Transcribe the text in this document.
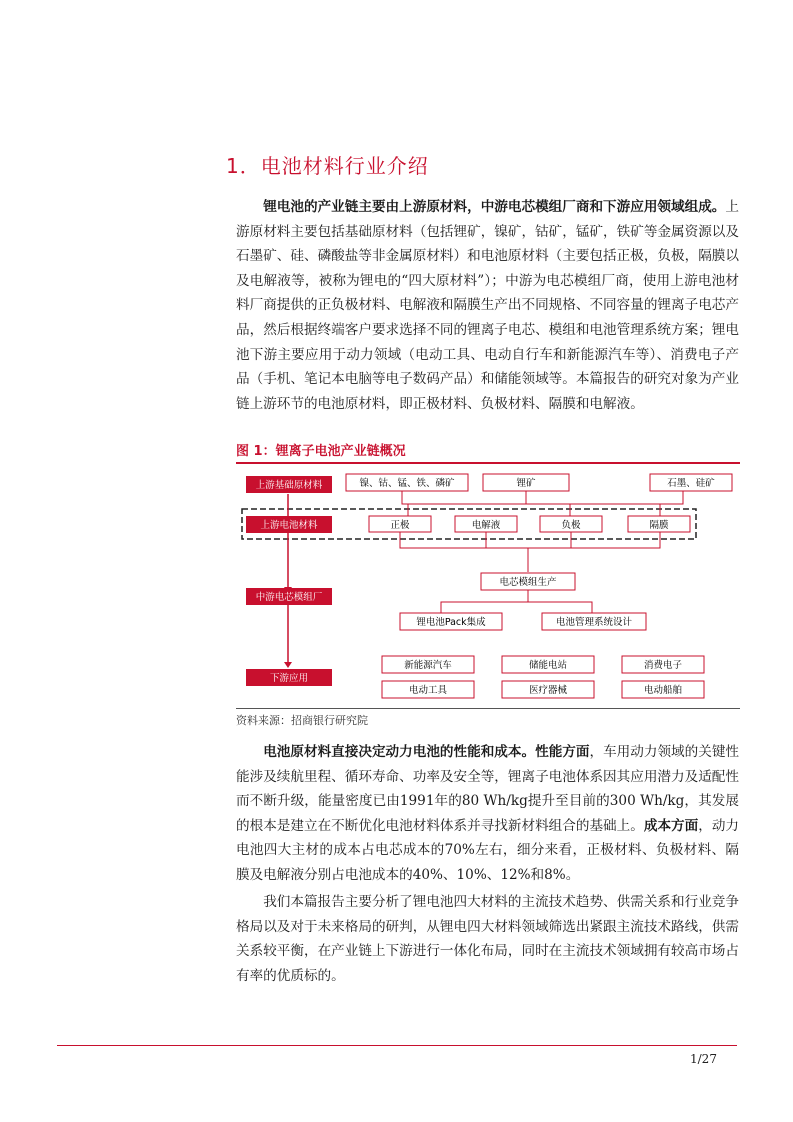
1．电池材料行业介绍

锂电池的产业链主要由上游原材料，中游电芯模组厂商和下游应用领域组成。上游原材料主要包括基础原材料（包括锂矿，镍矿，钴矿，锰矿，铁矿等金属资源以及石墨矿、硅、磷酸盐等非金属原材料）和电池原材料（主要包括正极，负极，隔膜以及电解液等，被称为锂电的“四大原材料”）；中游为电芯模组厂商，使用上游电池材料厂商提供的正负极材料、电解液和隔膜生产出不同规格、不同容量的锂离子电芯产品，然后根据终端客户要求选择不同的锂离子电芯、模组和电池管理系统方案；锂电池下游主要应用于动力领域（电动工具、电动自行车和新能源汽车等）、消费电子产品（手机、笔记本电脑等电子数码产品）和储能领域等。本篇报告的研究对象为产业链上游环节的电池原材料，即正极材料、负极材料、隔膜和电解液。

图 1：锂离子电池产业链概况
上游基础原材料
上游电池材料
中游电芯模组厂
下游应用
镍、钴、锰、铁、磷矿	锂矿	石墨、硅矿
正极	电解液	负极	隔膜
电芯模组生产
锂电池Pack集成	电池管理系统设计
新能源汽车	储能电站	消费电子
电动工具	医疗器械	电动船舶
资料来源：招商银行研究院

电池原材料直接决定动力电池的性能和成本。性能方面，车用动力领域的关键性能涉及续航里程、循环寿命、功率及安全等，锂离子电池体系因其应用潜力及适配性而不断升级，能量密度已由1991年的80 Wh/kg提升至目前的300 Wh/kg，其发展的根本是建立在不断优化电池材料体系并寻找新材料组合的基础上。成本方面，动力电池四大主材的成本占电芯成本的70%左右，细分来看，正极材料、负极材料、隔膜及电解液分别占电池成本的40%、10%、12%和8%。

我们本篇报告主要分析了锂电池四大材料的主流技术趋势、供需关系和行业竞争格局以及对于未来格局的研判，从锂电四大材料领域筛选出紧跟主流技术路线，供需关系较平衡，在产业链上下游进行一体化布局，同时在主流技术领域拥有较高市场占有率的优质标的。

1/27
